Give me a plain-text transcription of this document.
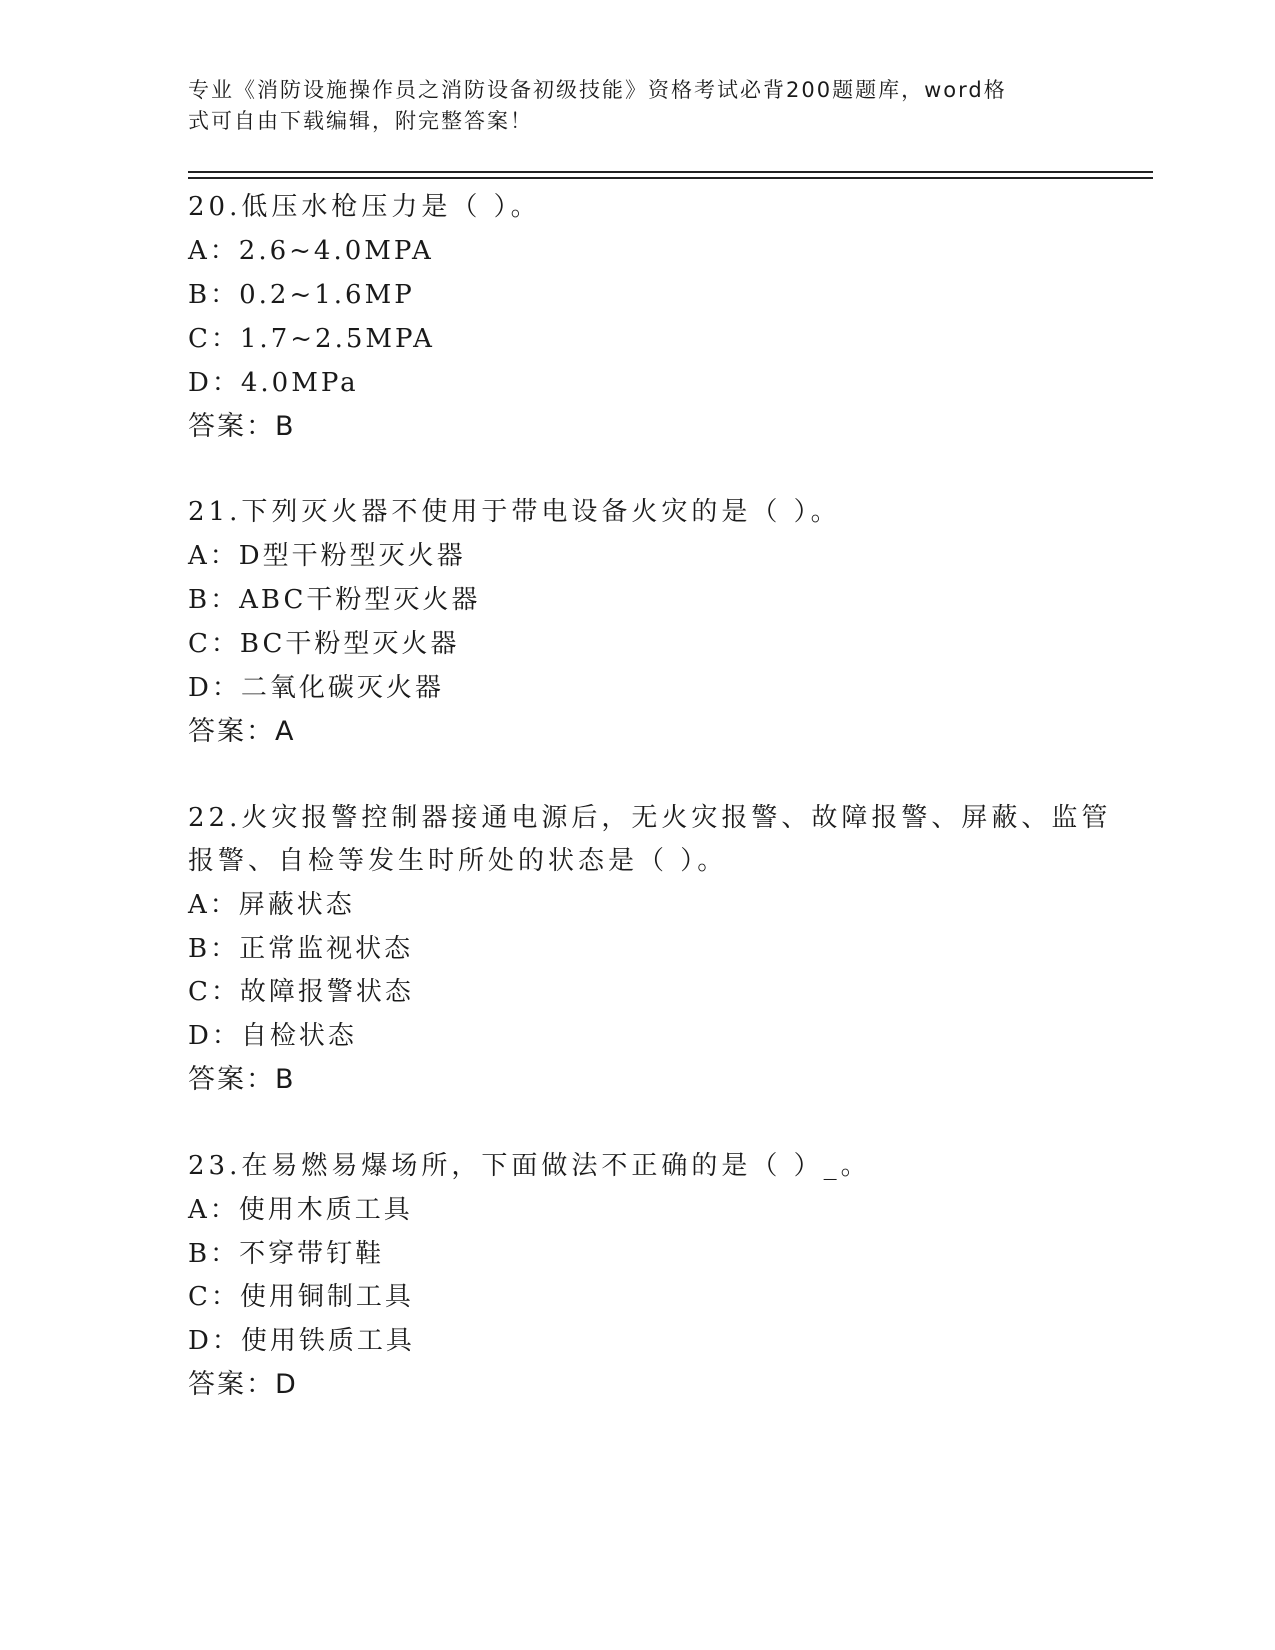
专业《消防设施操作员之消防设备初级技能》资格考试必背200题题库，word格
式可自由下载编辑，附完整答案！
20.低压水枪压力是（ ）。
A：2.6~4.0MPA
B：0.2~1.6MP
C：1.7~2.5MPA
D：4.0MPa
答案：B
21.下列灭火器不使用于带电设备火灾的是（ ）。
A：D型干粉型灭火器
B：ABC干粉型灭火器
C：BC干粉型灭火器
D：二氧化碳灭火器
答案：A
22.火灾报警控制器接通电源后，无火灾报警、故障报警、屏蔽、监管
报警、自检等发生时所处的状态是（ ）。
A：屏蔽状态
B：正常监视状态
C：故障报警状态
D：自检状态
答案：B
23.在易燃易爆场所，下面做法不正确的是（ ）_。
A：使用木质工具
B：不穿带钉鞋
C：使用铜制工具
D：使用铁质工具
答案：D
